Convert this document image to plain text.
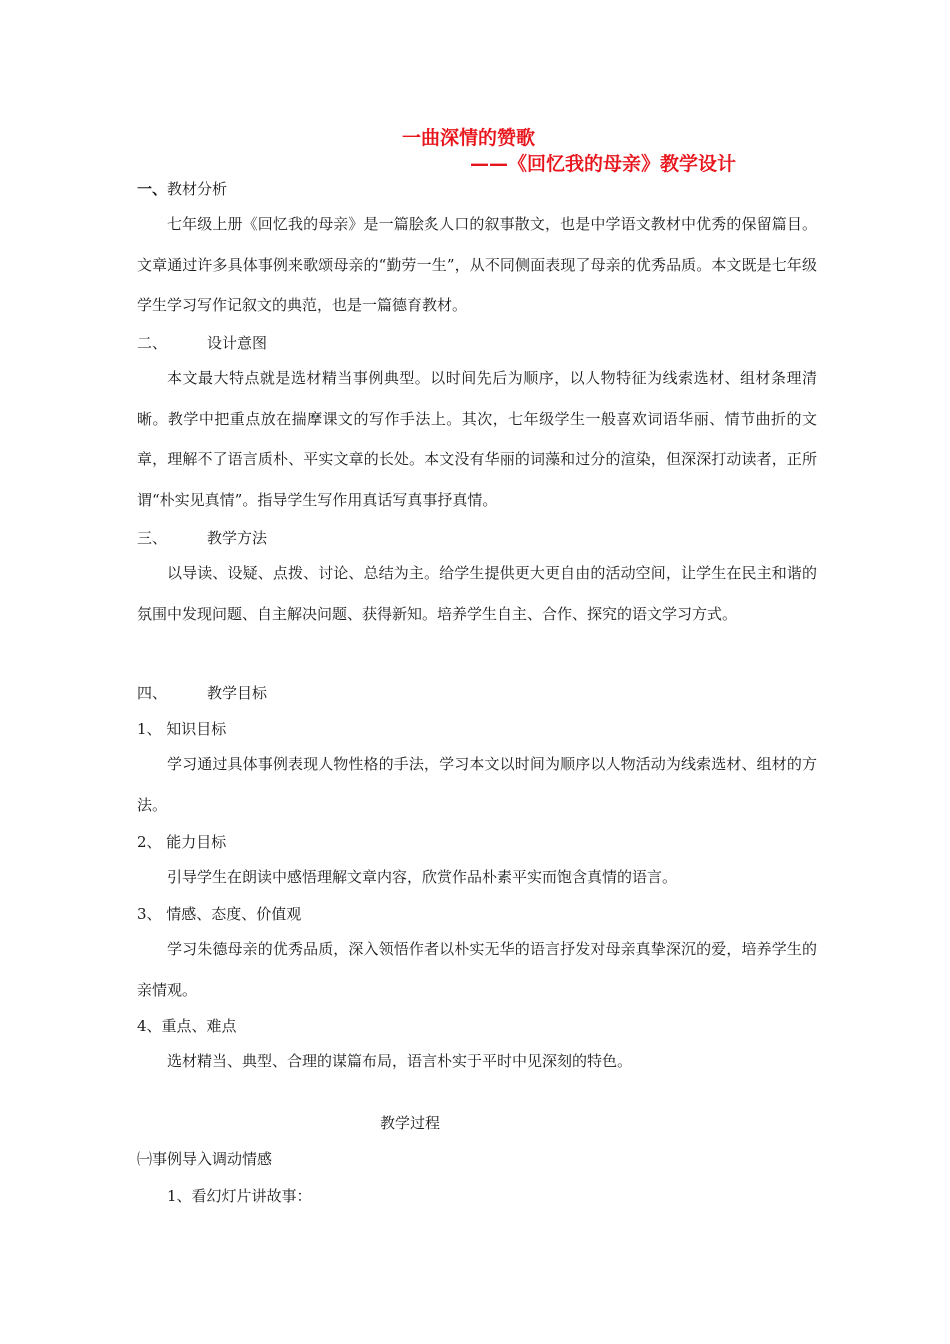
一曲深情的赞歌
——《回忆我的母亲》教学设计
一、教材分析
七年级上册《回忆我的母亲》是一篇脍炙人口的叙事散文，也是中学语文教材中优秀的保留篇目。文章通过许多具体事例来歌颂母亲的“勤劳一生”，从不同侧面表现了母亲的优秀品质。本文既是七年级学生学习写作记叙文的典范，也是一篇德育教材。
二、	设计意图
本文最大特点就是选材精当事例典型。以时间先后为顺序，以人物特征为线索选材、组材条理清晰。教学中把重点放在揣摩课文的写作手法上。其次，七年级学生一般喜欢词语华丽、情节曲折的文章，理解不了语言质朴、平实文章的长处。本文没有华丽的词藻和过分的渲染，但深深打动读者，正所谓“朴实见真情”。指导学生写作用真话写真事抒真情。
三、	教学方法
以导读、设疑、点拨、讨论、总结为主。给学生提供更大更自由的活动空间，让学生在民主和谐的氛围中发现问题、自主解决问题、获得新知。培养学生自主、合作、探究的语文学习方式。
四、	教学目标
1、 知识目标
学习通过具体事例表现人物性格的手法，学习本文以时间为顺序以人物活动为线索选材、组材的方法。
2、 能力目标
引导学生在朗读中感悟理解文章内容，欣赏作品朴素平实而饱含真情的语言。
3、 情感、态度、价值观
学习朱德母亲的优秀品质，深入领悟作者以朴实无华的语言抒发对母亲真挚深沉的爱，培养学生的亲情观。
4、重点、难点
选材精当、典型、合理的谋篇布局，语言朴实于平时中见深刻的特色。
教学过程
㈠事例导入调动情感
1、看幻灯片讲故事：
